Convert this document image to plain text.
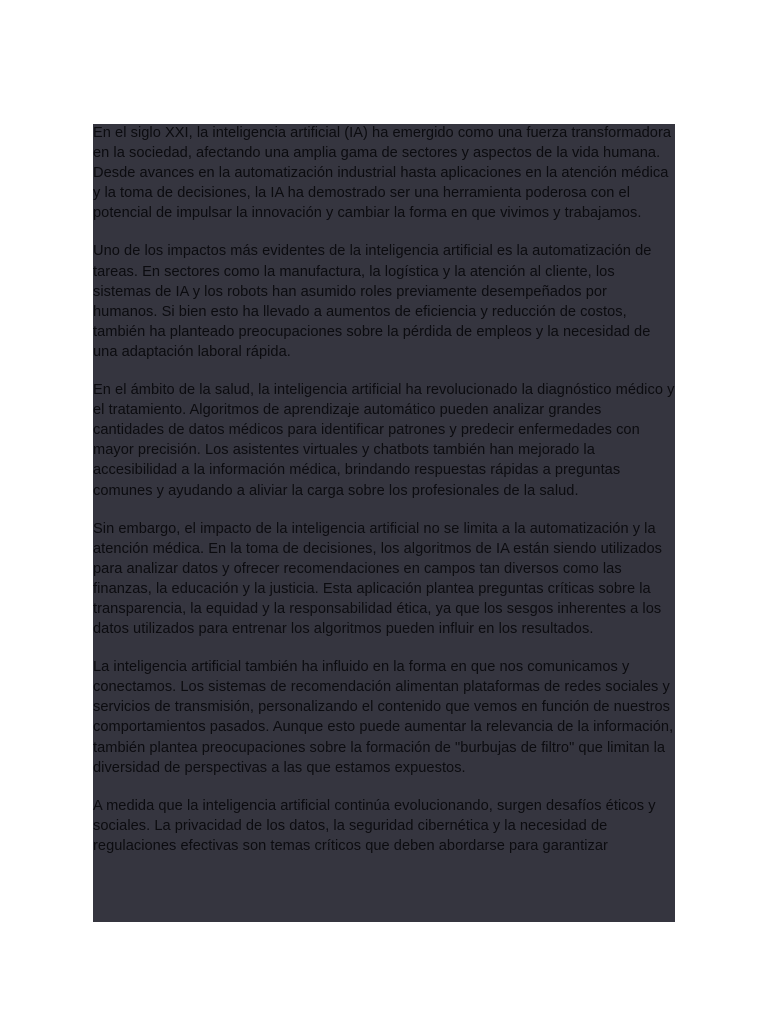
En el siglo XXI, la inteligencia artificial (IA) ha emergido como una fuerza transformadora en la sociedad, afectando una amplia gama de sectores y aspectos de la vida humana. Desde avances en la automatización industrial hasta aplicaciones en la atención médica y la toma de decisiones, la IA ha demostrado ser una herramienta poderosa con el potencial de impulsar la innovación y cambiar la forma en que vivimos y trabajamos.

Uno de los impactos más evidentes de la inteligencia artificial es la automatización de tareas. En sectores como la manufactura, la logística y la atención al cliente, los sistemas de IA y los robots han asumido roles previamente desempeñados por humanos. Si bien esto ha llevado a aumentos de eficiencia y reducción de costos, también ha planteado preocupaciones sobre la pérdida de empleos y la necesidad de una adaptación laboral rápida.

En el ámbito de la salud, la inteligencia artificial ha revolucionado la diagnóstico médico y el tratamiento. Algoritmos de aprendizaje automático pueden analizar grandes cantidades de datos médicos para identificar patrones y predecir enfermedades con mayor precisión. Los asistentes virtuales y chatbots también han mejorado la accesibilidad a la información médica, brindando respuestas rápidas a preguntas comunes y ayudando a aliviar la carga sobre los profesionales de la salud.

Sin embargo, el impacto de la inteligencia artificial no se limita a la automatización y la atención médica. En la toma de decisiones, los algoritmos de IA están siendo utilizados para analizar datos y ofrecer recomendaciones en campos tan diversos como las finanzas, la educación y la justicia. Esta aplicación plantea preguntas críticas sobre la transparencia, la equidad y la responsabilidad ética, ya que los sesgos inherentes a los datos utilizados para entrenar los algoritmos pueden influir en los resultados.

La inteligencia artificial también ha influido en la forma en que nos comunicamos y conectamos. Los sistemas de recomendación alimentan plataformas de redes sociales y servicios de transmisión, personalizando el contenido que vemos en función de nuestros comportamientos pasados. Aunque esto puede aumentar la relevancia de la información, también plantea preocupaciones sobre la formación de "burbujas de filtro" que limitan la diversidad de perspectivas a las que estamos expuestos.

A medida que la inteligencia artificial continúa evolucionando, surgen desafíos éticos y sociales. La privacidad de los datos, la seguridad cibernética y la necesidad de regulaciones efectivas son temas críticos que deben abordarse para garantizar
